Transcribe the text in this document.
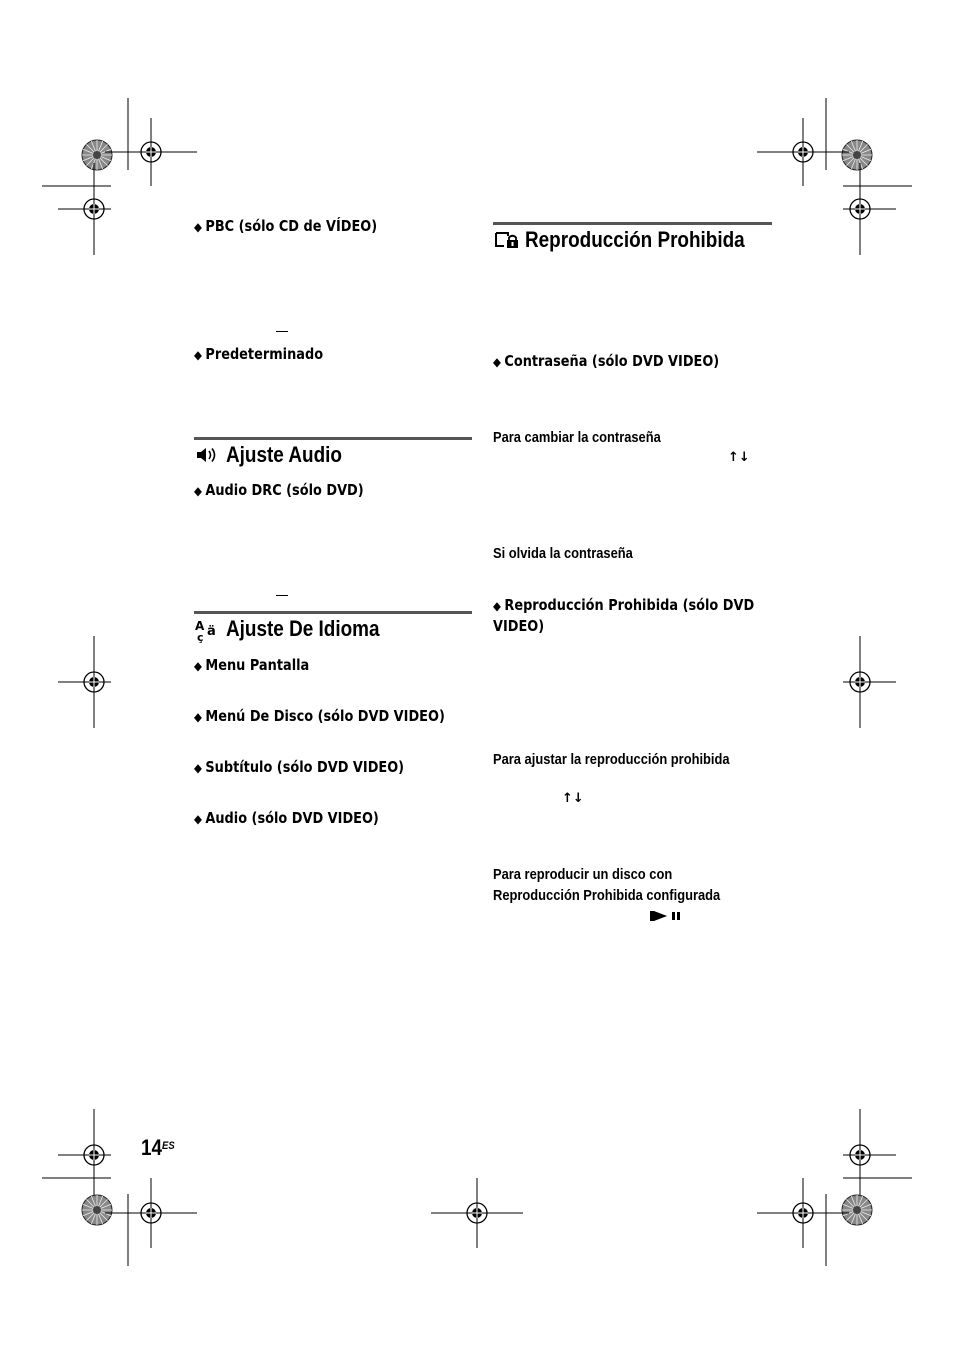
◆ PBC (sólo CD de VÍDEO)
◆ Predeterminado
Ajuste Audio
◆ Audio DRC (sólo DVD)
A
ç ä Ajuste De Idioma
◆ Menu Pantalla
◆ Menú De Disco (sólo DVD VIDEO)
◆ Subtítulo (sólo DVD VIDEO)
◆ Audio (sólo DVD VIDEO)
Reproducción Prohibida
◆ Contraseña (sólo DVD VIDEO)
Para cambiar la contraseña
↑↓
Si olvida la contraseña
◆ Reproducción Prohibida (sólo DVD
VIDEO)
Para ajustar la reproducción prohibida
↑↓
Para reproducir un disco con
Reproducción Prohibida configurada
$14^{ES}$
